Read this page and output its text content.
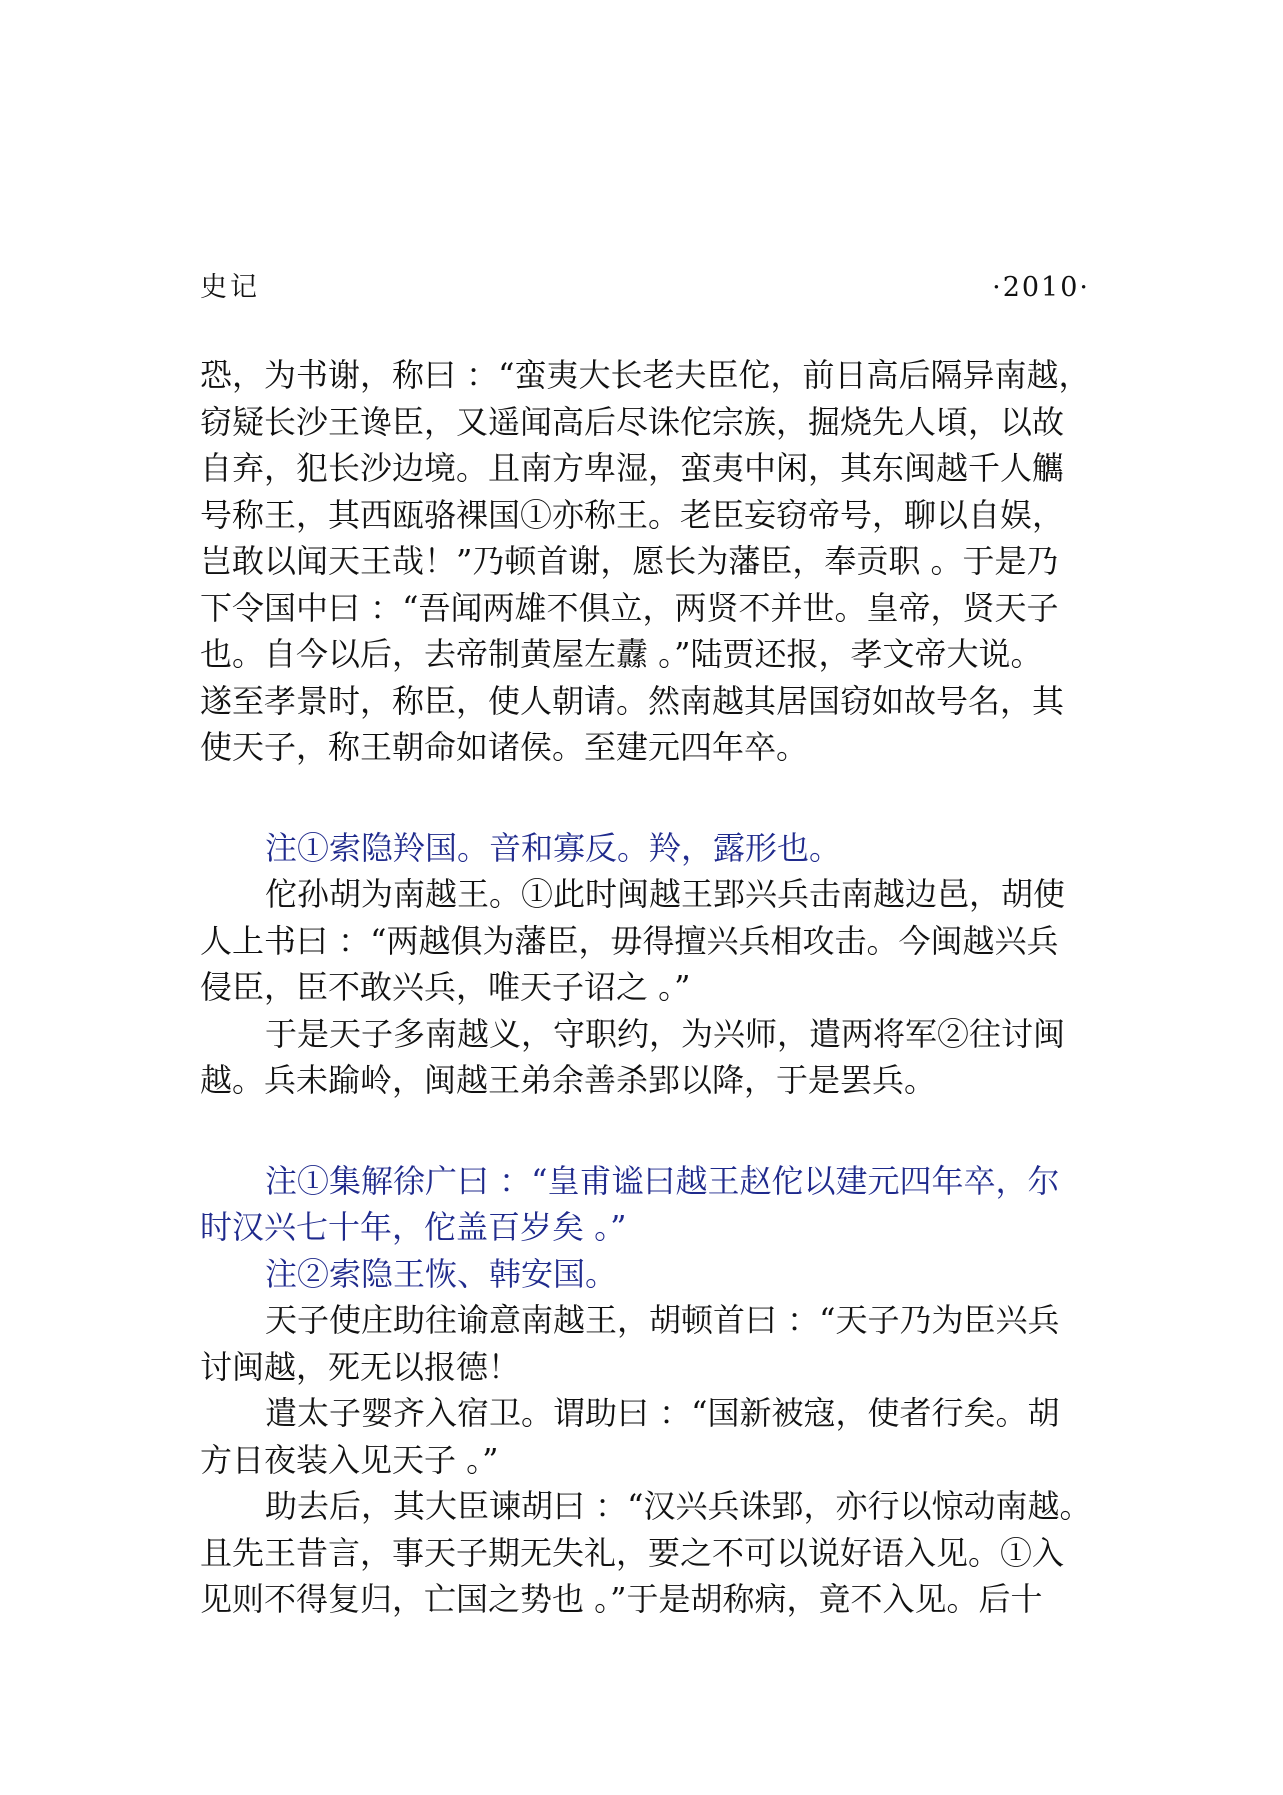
史记	·2010·
恐，为书谢，称曰 ：“蛮夷大长老夫臣佗，前日高后隔异南越，
窃疑长沙王谗臣，又遥闻高后尽诛佗宗族，掘烧先人頃，以故
自弃，犯长沙边境。且南方卑湿，蛮夷中闲，其东闽越千人觽
号称王，其西瓯骆裸国①亦称王。老臣妄窃帝号，聊以自娱，
岂敢以闻天王哉！”乃顿首谢，愿长为藩臣，奉贡职 。于是乃
下令国中曰 ：“吾闻两雄不俱立，两贤不并世。皇帝，贤天子
也。自今以后，去帝制黄屋左纛 。”陆贾还报，孝文帝大说。
遂至孝景时，称臣，使人朝请。然南越其居国窃如故号名，其
使天子，称王朝命如诸侯。至建元四年卒。
注①索隐羚国。音和寡反。羚，露形也。
佗孙胡为南越王。①此时闽越王郢兴兵击南越边邑，胡使
人上书曰 ：“两越俱为藩臣，毋得擅兴兵相攻击。今闽越兴兵
侵臣，臣不敢兴兵，唯天子诏之 。”
于是天子多南越义，守职约，为兴师，遣两将军②往讨闽
越。兵未踰岭，闽越王弟余善杀郢以降，于是罢兵。
注①集解徐广曰 ：“皇甫谧曰越王赵佗以建元四年卒，尔
时汉兴七十年，佗盖百岁矣 。”
注②索隐王恢、韩安国。
天子使庄助往谕意南越王，胡顿首曰 ：“天子乃为臣兴兵
讨闽越，死无以报德！
遣太子婴齐入宿卫。谓助曰 ：“国新被寇，使者行矣。胡
方日夜装入见天子 。”
助去后，其大臣谏胡曰 ：“汉兴兵诛郢，亦行以惊动南越。
且先王昔言，事天子期无失礼，要之不可以说好语入见。①入
见则不得复归，亡国之势也 。”于是胡称病，竟不入见。后十
